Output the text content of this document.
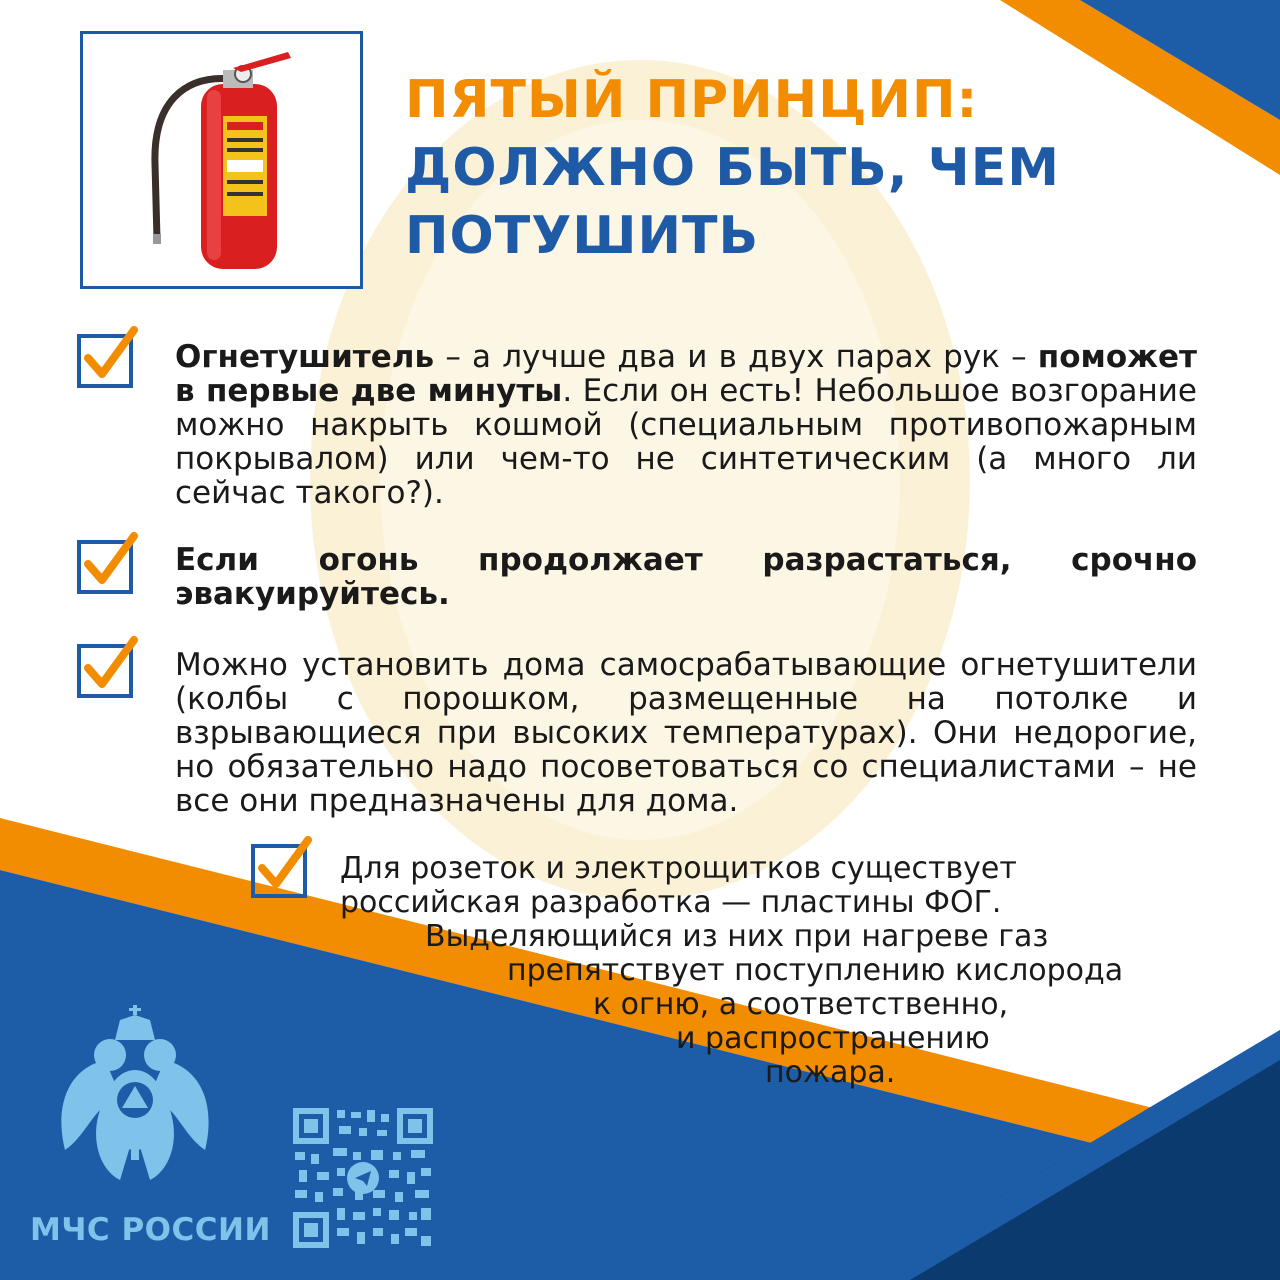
ПЯТЫЙ ПРИНЦИП:
ДОЛЖНО БЫТЬ, ЧЕМ
ПОТУШИТЬ

Огнетушитель – а лучше два и в двух парах рук – поможет в первые две минуты. Если он есть! Небольшое возгорание можно накрыть кошмой (специальным противопожарным покрывалом) или чем-то не синтетическим (а много ли сейчас такого?).

Если огонь продолжает разрастаться, срочно эвакуируйтесь.

Можно установить дома самосрабатывающие огнетушители (колбы с порошком, размещенные на потолке и взрывающиеся при высоких температурах). Они недорогие, но обязательно надо посоветоваться со специалистами – не все они предназначены для дома.

Для розеток и электрощитков существует
российская разработка — пластины ФОГ.
Выделяющийся из них при нагреве газ
препятствует поступлению кислорода
к огню, а соответственно,
и распространению
пожара.
МЧС РОССИИ
